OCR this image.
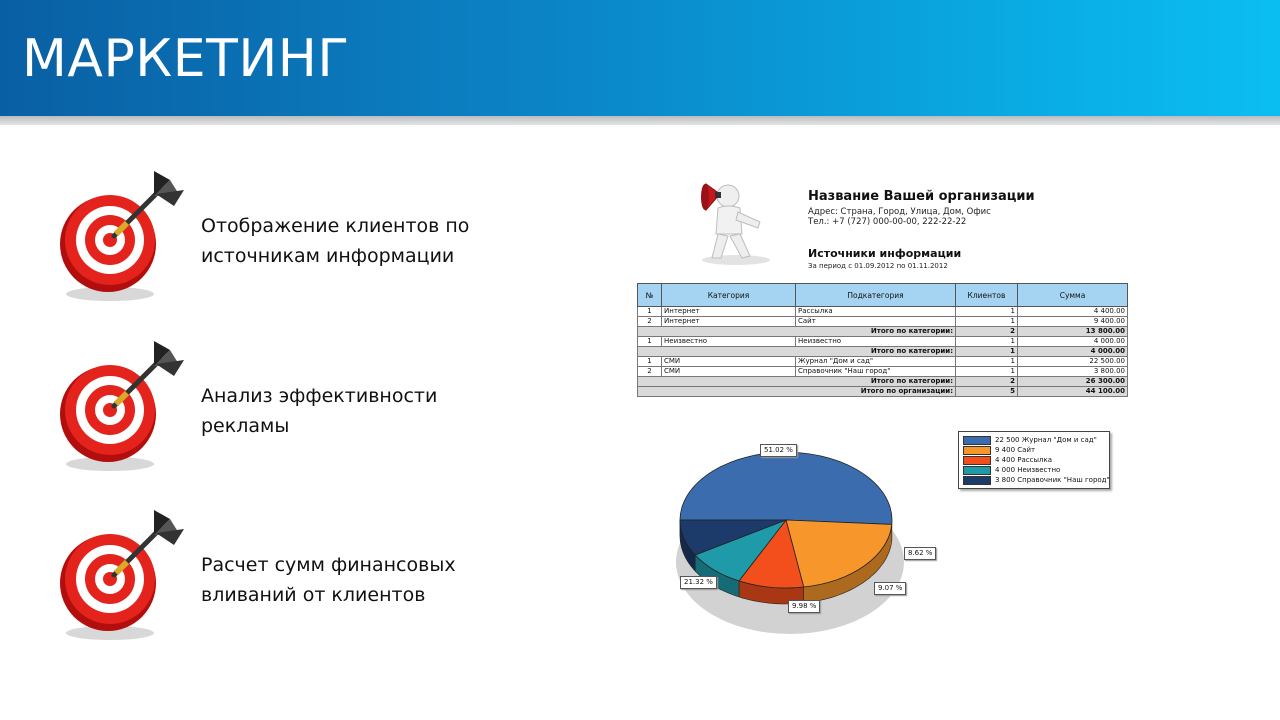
МАРКЕТИНГ
Отображение клиентов по
источникам информации
Анализ эффективности
рекламы
Расчет сумм финансовых
вливаний от клиентов
Название Вашей организации
Адрес: Страна, Город, Улица, Дом, Офис
Тел.: +7 (727) 000-00-00, 222-22-22
Источники информации
За период с 01.09.2012 по 01.11.2012
№	Категория	Подкатегория	Клиентов	Сумма
1	Интернет	Рассылка	1	4 400.00
2	Интернет	Сайт	1	9 400.00
Итого по категории:			2	13 800.00
1	Неизвестно	Неизвестно	1	4 000.00
Итого по категории:			1	4 000.00
1	СМИ	Журнал "Дом и сад"	1	22 500.00
2	СМИ	Справочник "Наш город"	1	3 800.00
Итого по категории:			2	26 300.00
Итого по организации:			5	44 100.00
22 500 Журнал "Дом и сад"
9 400 Сайт
4 400 Рассылка
4 000 Неизвестно
3 800 Справочник "Наш город"
51.02 %
21.32 %
9.98 %
9.07 %
8.62 %
